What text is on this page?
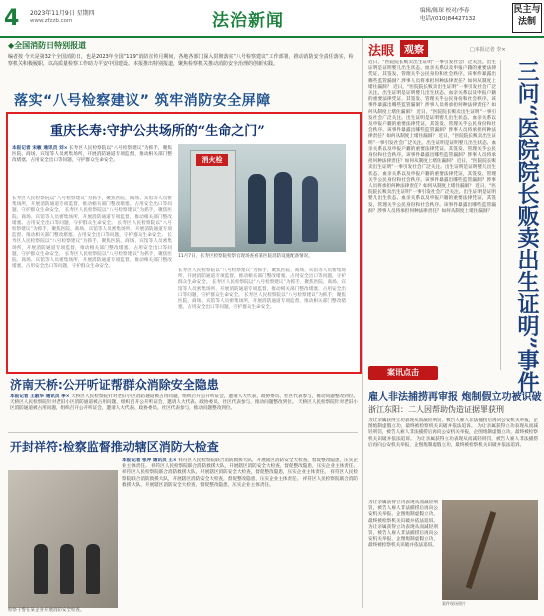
4 2023年11月9日 星期四
www.zfzzb.com	法治新闻	编辑/陈琛 校对/李春
电话/(010)84427132
民主与法制
◆全国消防日特别报道
编者按 今天是第32个全国消防日，也是2023年全国“119”消防宣传月期间，各地各部门深入贯彻落实“八号检察建议”工作部署，推动消防安全责任落实，检察机关积极履职，以高质量检察工作助力平安中国建设。本报推出特别报道，聚焦检察机关推动消防安全治理的创新实践。
落实“八号检察建议” 筑牢消防安全屏障
重庆长寿:守护公共场所的“生命之门”
本报记者 宋敏 通讯员 刘× 长寿区人民检察院以“八号检察建议”为抓手，聚焦医院、商场、宾馆等人员密集场所，开展消防通道专项监督，推动相关部门整改堵塞、占用安全出口等问题，守护群众生命安全。
长寿区人民检察院以“八号检察建议”为抓手，聚焦医院、商场、宾馆等人员密集场所，开展消防通道专项监督，推动相关部门整改堵塞、占用安全出口等问题，守护群众生命安全。 长寿区人民检察院以“八号检察建议”为抓手，聚焦医院、商场、宾馆等人员密集场所，开展消防通道专项监督，推动相关部门整改堵塞、占用安全出口等问题，守护群众生命安全。 长寿区人民检察院以“八号检察建议”为抓手，聚焦医院、商场、宾馆等人员密集场所，开展消防通道专项监督，推动相关部门整改堵塞、占用安全出口等问题，守护群众生命安全。 长寿区人民检察院以“八号检察建议”为抓手，聚焦医院、商场、宾馆等人员密集场所，开展消防通道专项监督，推动相关部门整改堵塞、占用安全出口等问题，守护群众生命安全。 长寿区人民检察院以“八号检察建议”为抓手，聚焦医院、商场、宾馆等人员密集场所，开展消防通道专项监督，推动相关部门整改堵塞、占用安全出口等问题，守护群众生命安全。
消火栓
11月7日，长寿区检察院检察官现场查看某医院消防设施配备情况。
长寿区人民检察院以“八号检察建议”为抓手，聚焦医院、商场、宾馆等人员密集场所，开展消防通道专项监督，推动相关部门整改堵塞、占用安全出口等问题，守护群众生命安全。 长寿区人民检察院以“八号检察建议”为抓手，聚焦医院、商场、宾馆等人员密集场所，开展消防通道专项监督，推动相关部门整改堵塞、占用安全出口等问题，守护群众生命安全。 长寿区人民检察院以“八号检察建议”为抓手，聚焦医院、商场、宾馆等人员密集场所，开展消防通道专项监督，推动相关部门整改堵塞、占用安全出口等问题，守护群众生命安全。
济南天桥:公开听证帮群众消除安全隐患
本报记者 王淑华 通讯员 李× 天桥区人民检察院针对老旧小区消防通道被占用问题，组织召开公开听证会，邀请人大代表、政协委员、社区代表参与，推动问题整改到位。 天桥区人民检察院针对老旧小区消防通道被占用问题，组织召开公开听证会，邀请人大代表、政协委员、社区代表参与，推动问题整改到位。 天桥区人民检察院针对老旧小区消防通道被占用问题，组织召开公开听证会，邀请人大代表、政协委员、社区代表参与，推动问题整改到位。
开封祥符:检察监督推动辖区消防大检查
本报记者 张冲 通讯员 王× 祥符区人民检察院联合消防救援大队，开展辖区消防安全大检查，督促整改隐患，压实企业主体责任。 祥符区人民检察院联合消防救援大队，开展辖区消防安全大检查，督促整改隐患，压实企业主体责任。 祥符区人民检察院联合消防救援大队，开展辖区消防安全大检查，督促整改隐患，压实企业主体责任。 祥符区人民检察院联合消防救援大队，开展辖区消防安全大检查，督促整改隐患，压实企业主体责任。 祥符区人民检察院联合消防救援大队，开展辖区消防安全大检查，督促整改隐患，压实企业主体责任。
检察干警在某企业开展消防安全检查。
法眼 观察	□本报记者 李×
近日，“医院院长贩卖出生证明”一事引发社会广泛关注。出生证明是证明婴儿出生状态、血亲关系以及申报户籍的重要法律凭证，其签发、管理关乎公民身份和社会秩序。该事件暴露出哪些监管漏洞？涉事人员将承担何种法律责任？如何从制度上堵住漏洞？ 近日，“医院院长贩卖出生证明”一事引发社会广泛关注。出生证明是证明婴儿出生状态、血亲关系以及申报户籍的重要法律凭证，其签发、管理关乎公民身份和社会秩序。该事件暴露出哪些监管漏洞？涉事人员将承担何种法律责任？如何从制度上堵住漏洞？ 近日，“医院院长贩卖出生证明”一事引发社会广泛关注。出生证明是证明婴儿出生状态、血亲关系以及申报户籍的重要法律凭证，其签发、管理关乎公民身份和社会秩序。该事件暴露出哪些监管漏洞？涉事人员将承担何种法律责任？如何从制度上堵住漏洞？ 近日，“医院院长贩卖出生证明”一事引发社会广泛关注。出生证明是证明婴儿出生状态、血亲关系以及申报户籍的重要法律凭证，其签发、管理关乎公民身份和社会秩序。该事件暴露出哪些监管漏洞？涉事人员将承担何种法律责任？如何从制度上堵住漏洞？ 近日，“医院院长贩卖出生证明”一事引发社会广泛关注。出生证明是证明婴儿出生状态、血亲关系以及申报户籍的重要法律凭证，其签发、管理关乎公民身份和社会秩序。该事件暴露出哪些监管漏洞？涉事人员将承担何种法律责任？如何从制度上堵住漏洞？ 近日，“医院院长贩卖出生证明”一事引发社会广泛关注。出生证明是证明婴儿出生状态、血亲关系以及申报户籍的重要法律凭证，其签发、管理关乎公民身份和社会秩序。该事件暴露出哪些监管漏洞？涉事人员将承担何种法律责任？如何从制度上堵住漏洞？ 三问“医院院长贩卖出生证明”事件
案讯点击
雇人非法捕捞再审报 炮制假立功被识破
浙江东阳：二人因帮助伪造证据罪获刑
为让亲属获得立功表现从而减轻刑罚，被告人雇人非法捕捞后再向公安机关举报，企图炮制虚假立功，最终被检察机关识破并依法追诉。 为让亲属获得立功表现从而减轻刑罚，被告人雇人非法捕捞后再向公安机关举报，企图炮制虚假立功，最终被检察机关识破并依法追诉。 为让亲属获得立功表现从而减轻刑罚，被告人雇人非法捕捞后再向公安机关举报，企图炮制虚假立功，最终被检察机关识破并依法追诉。
为让亲属获得立功表现从而减轻刑罚，被告人雇人非法捕捞后再向公安机关举报，企图炮制虚假立功，最终被检察机关识破并依法追诉。 为让亲属获得立功表现从而减轻刑罚，被告人雇人非法捕捞后再向公安机关举报，企图炮制虚假立功，最终被检察机关识破并依法追诉。
案件现场照片
